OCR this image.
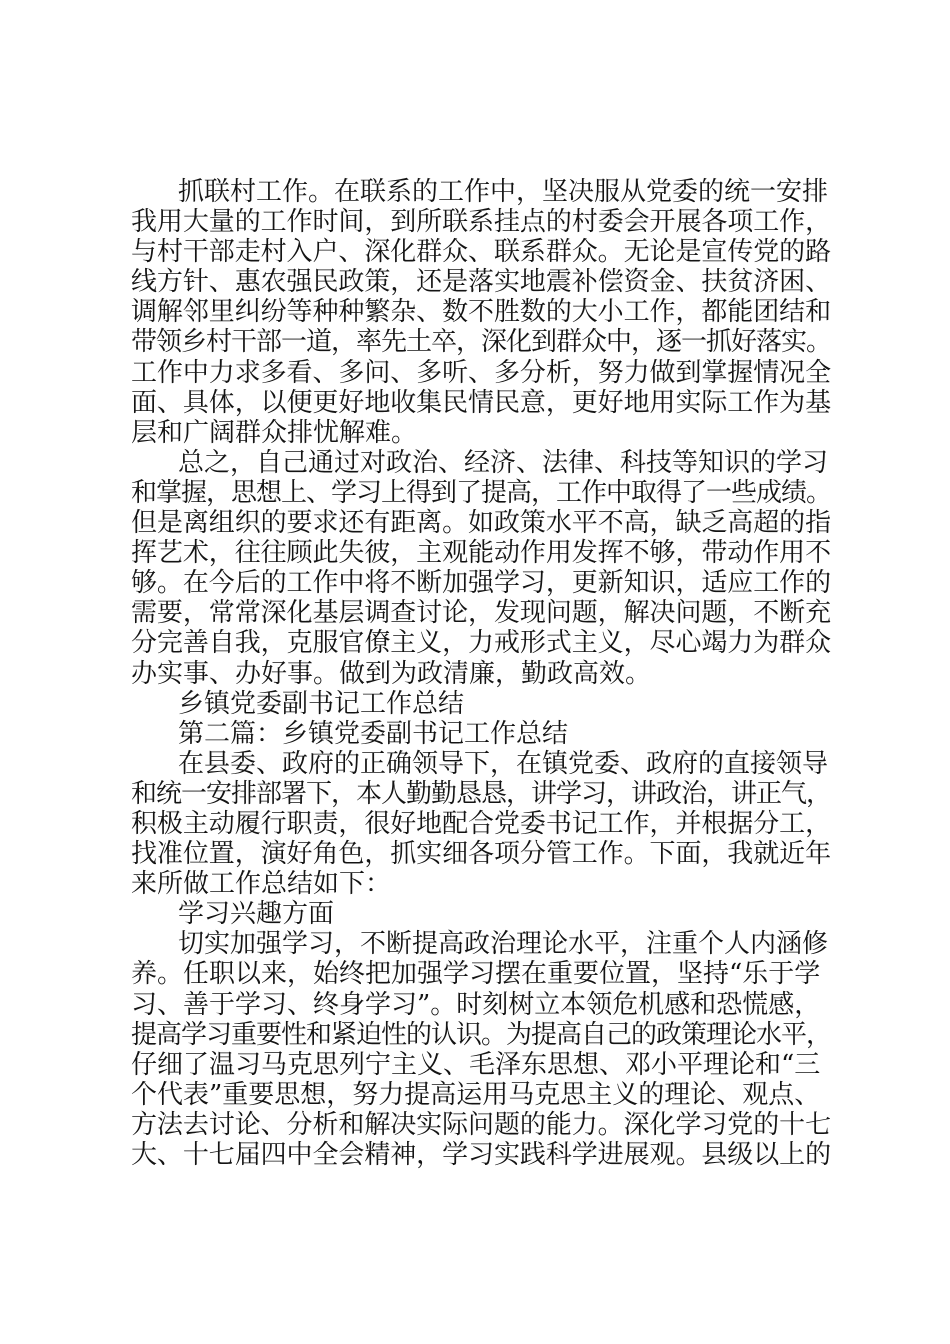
抓联村工作。在联系的工作中，坚决服从党委的统一安排
我用大量的工作时间，到所联系挂点的村委会开展各项工作，
与村干部走村入户、深化群众、联系群众。无论是宣传党的路
线方针、惠农强民政策，还是落实地震补偿资金、扶贫济困、
调解邻里纠纷等种种繁杂、数不胜数的大小工作，都能团结和
带领乡村干部一道，率先土卒，深化到群众中，逐一抓好落实。
工作中力求多看、多问、多听、多分析，努力做到掌握情况全
面、具体，以便更好地收集民情民意，更好地用实际工作为基
层和广阔群众排忧解难。
总之，自己通过对政治、经济、法律、科技等知识的学习
和掌握，思想上、学习上得到了提高，工作中取得了一些成绩。
但是离组织的要求还有距离。如政策水平不高，缺乏高超的指
挥艺术，往往顾此失彼，主观能动作用发挥不够，带动作用不
够。在今后的工作中将不断加强学习，更新知识，适应工作的
需要，常常深化基层调查讨论，发现问题，解决问题，不断充
分完善自我，克服官僚主义，力戒形式主义，尽心竭力为群众
办实事、办好事。做到为政清廉，勤政高效。
乡镇党委副书记工作总结
第二篇：乡镇党委副书记工作总结
在县委、政府的正确领导下，在镇党委、政府的直接领导
和统一安排部署下，本人勤勤恳恳，讲学习，讲政治，讲正气，
积极主动履行职责，很好地配合党委书记工作，并根据分工，
找准位置，演好角色，抓实细各项分管工作。下面，我就近年
来所做工作总结如下：
学习兴趣方面
切实加强学习，不断提高政治理论水平，注重个人内涵修
养。任职以来，始终把加强学习摆在重要位置，坚持“乐于学
习、善于学习、终身学习”。时刻树立本领危机感和恐慌感，
提高学习重要性和紧迫性的认识。为提高自己的政策理论水平，
仔细了温习马克思列宁主义、毛泽东思想、邓小平理论和“三
个代表”重要思想，努力提高运用马克思主义的理论、观点、
方法去讨论、分析和解决实际问题的能力。深化学习党的十七
大、十七届四中全会精神，学习实践科学进展观。县级以上的
